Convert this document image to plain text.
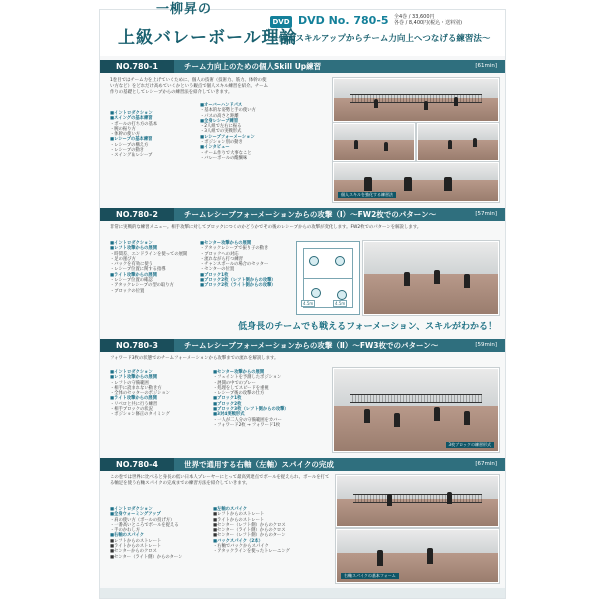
一柳昇の
上級バレーボール理論
DVD DVD No. 780-5 全4巻 / 33,600円
各巻 / 8,400円(税込・送料別)
～個人スキルアップからチーム力向上へつなげる練習法～
NO.780-1	チーム力向上のための個人Skill Up練習	[61min]
1巻目ではチーム力を上げていくために、個人の技術（技術力、筋力、体幹の使い方など）をどれだけ高めていくかという観点で個人スキル練習を紹介。チーム作りの基礎としてレシーブからの練習法を紹介していきます。
■イントロダクション
■スイングの基本練習
・ボールの打ち方の基本
・腕の振り方
・体幹の使い方
■レシーブの基本練習
・レシーブの構え方
・レシーブの動き
・スイング＆レシーブ
■オーバーハンドパス
・基本的な姿勢と手の使い方
・パスの高さと距離
■全身レシーブ練習
・2人組で左右に振る
・3人組での実戦形式
■レシーブフォーメーション
・ポジション別の動き
■インタビュー
・チーム作りで大事なこと
・バレーボールの醍醐味
個人スキルを強化する練習法
NO.780-2	チームレシーブフォーメーションからの攻撃（Ⅰ）～FW2枚でのパターン～	[57min]
非常に実戦的な練習メニュー。相手攻撃に対してブロックにつくのかどうかでその後のレシーブからの攻撃が変化します。FW2枚でのパターンを解説します。
■イントロダクション
■レフト攻撃からの展開
・時間差、エンドラインを使っての展開
・足の運び方
・バックを有効に使う
・レシーブ位置に関する指導
■ライト攻撃からの展開
・レシーブ位置の確認
・アタックレシーブの型の取り方
・ブロックの位置
■センター攻撃からの展開
・アタックレシーブで振り子の動き
・ブロックへの対応
・流れながら打つ練習
・チャンスボールの場合のセッター
・センターの位置
■ブロック1枚
■ブロック2枚（レフト側からの攻撃）
■ブロック2枚（ライト側からの攻撃）
4.5m	4.5m
低身長のチームでも戦えるフォーメーション、スキルがわかる！
NO.780-3	チームレシーブフォーメーションからの攻撃（Ⅱ）～FW3枚でのパターン～	[59min]
フォワード3枚の状態でのチームフォーメーションから攻撃までの流れを解説します。
■イントロダクション
■レフト攻撃からの展開
・レフトの守備範囲
・相手に読まれない動き方
・全体のセッターのポジション
■ライト攻撃からの展開
・リベロと共に行う練習
・相手ブロックの状況
・ポジション修正のタイミング
■センター攻撃からの展開
・フェイントを予測したポジション
・展開の中でのプレー
・処理をしてスピードを重視
・レシーブ後の攻撃の仕方
■ブロック1枚
■ブロック2枚
■ブロック3枚（レフト側からの攻撃）
■3対4実戦形式
・一人が二人分の守備範囲をカバー
・フォワード2枚 → フォワード1枚
3枚ブロックの練習形式
NO.780-4	世界で通用する右軸（左軸）スパイクの完成	[67min]
この巻では世界に比べると身長の低い日本人プレーヤーにとって最高到達点でボールを捉えられ、ボールを打てる軸足を使う右軸スパイクの完成までの練習方法を紹介していきます。
■イントロダクション
■全身ウォーミングアップ
・肩の使い方（ボールの投げ方）
・一番高いところでボールを捉える
・手のかわし方
■右軸のスパイク
■レフトからのストレート
■ライトからのストレート
■センターからのクロス
■センター（ライト側）からのターン
■左軸のスパイク
■レフトからのストレート
■ライトからのストレート
■センター（レフト側）からのクロス
■センター（ライト側）からのクロス
■センター（レフト側）からのターン
■バックスパイク（2本）
・右軸でバックからスパイク
・アタックラインを使ったトレーニング
右軸スパイクの基本フォーム
